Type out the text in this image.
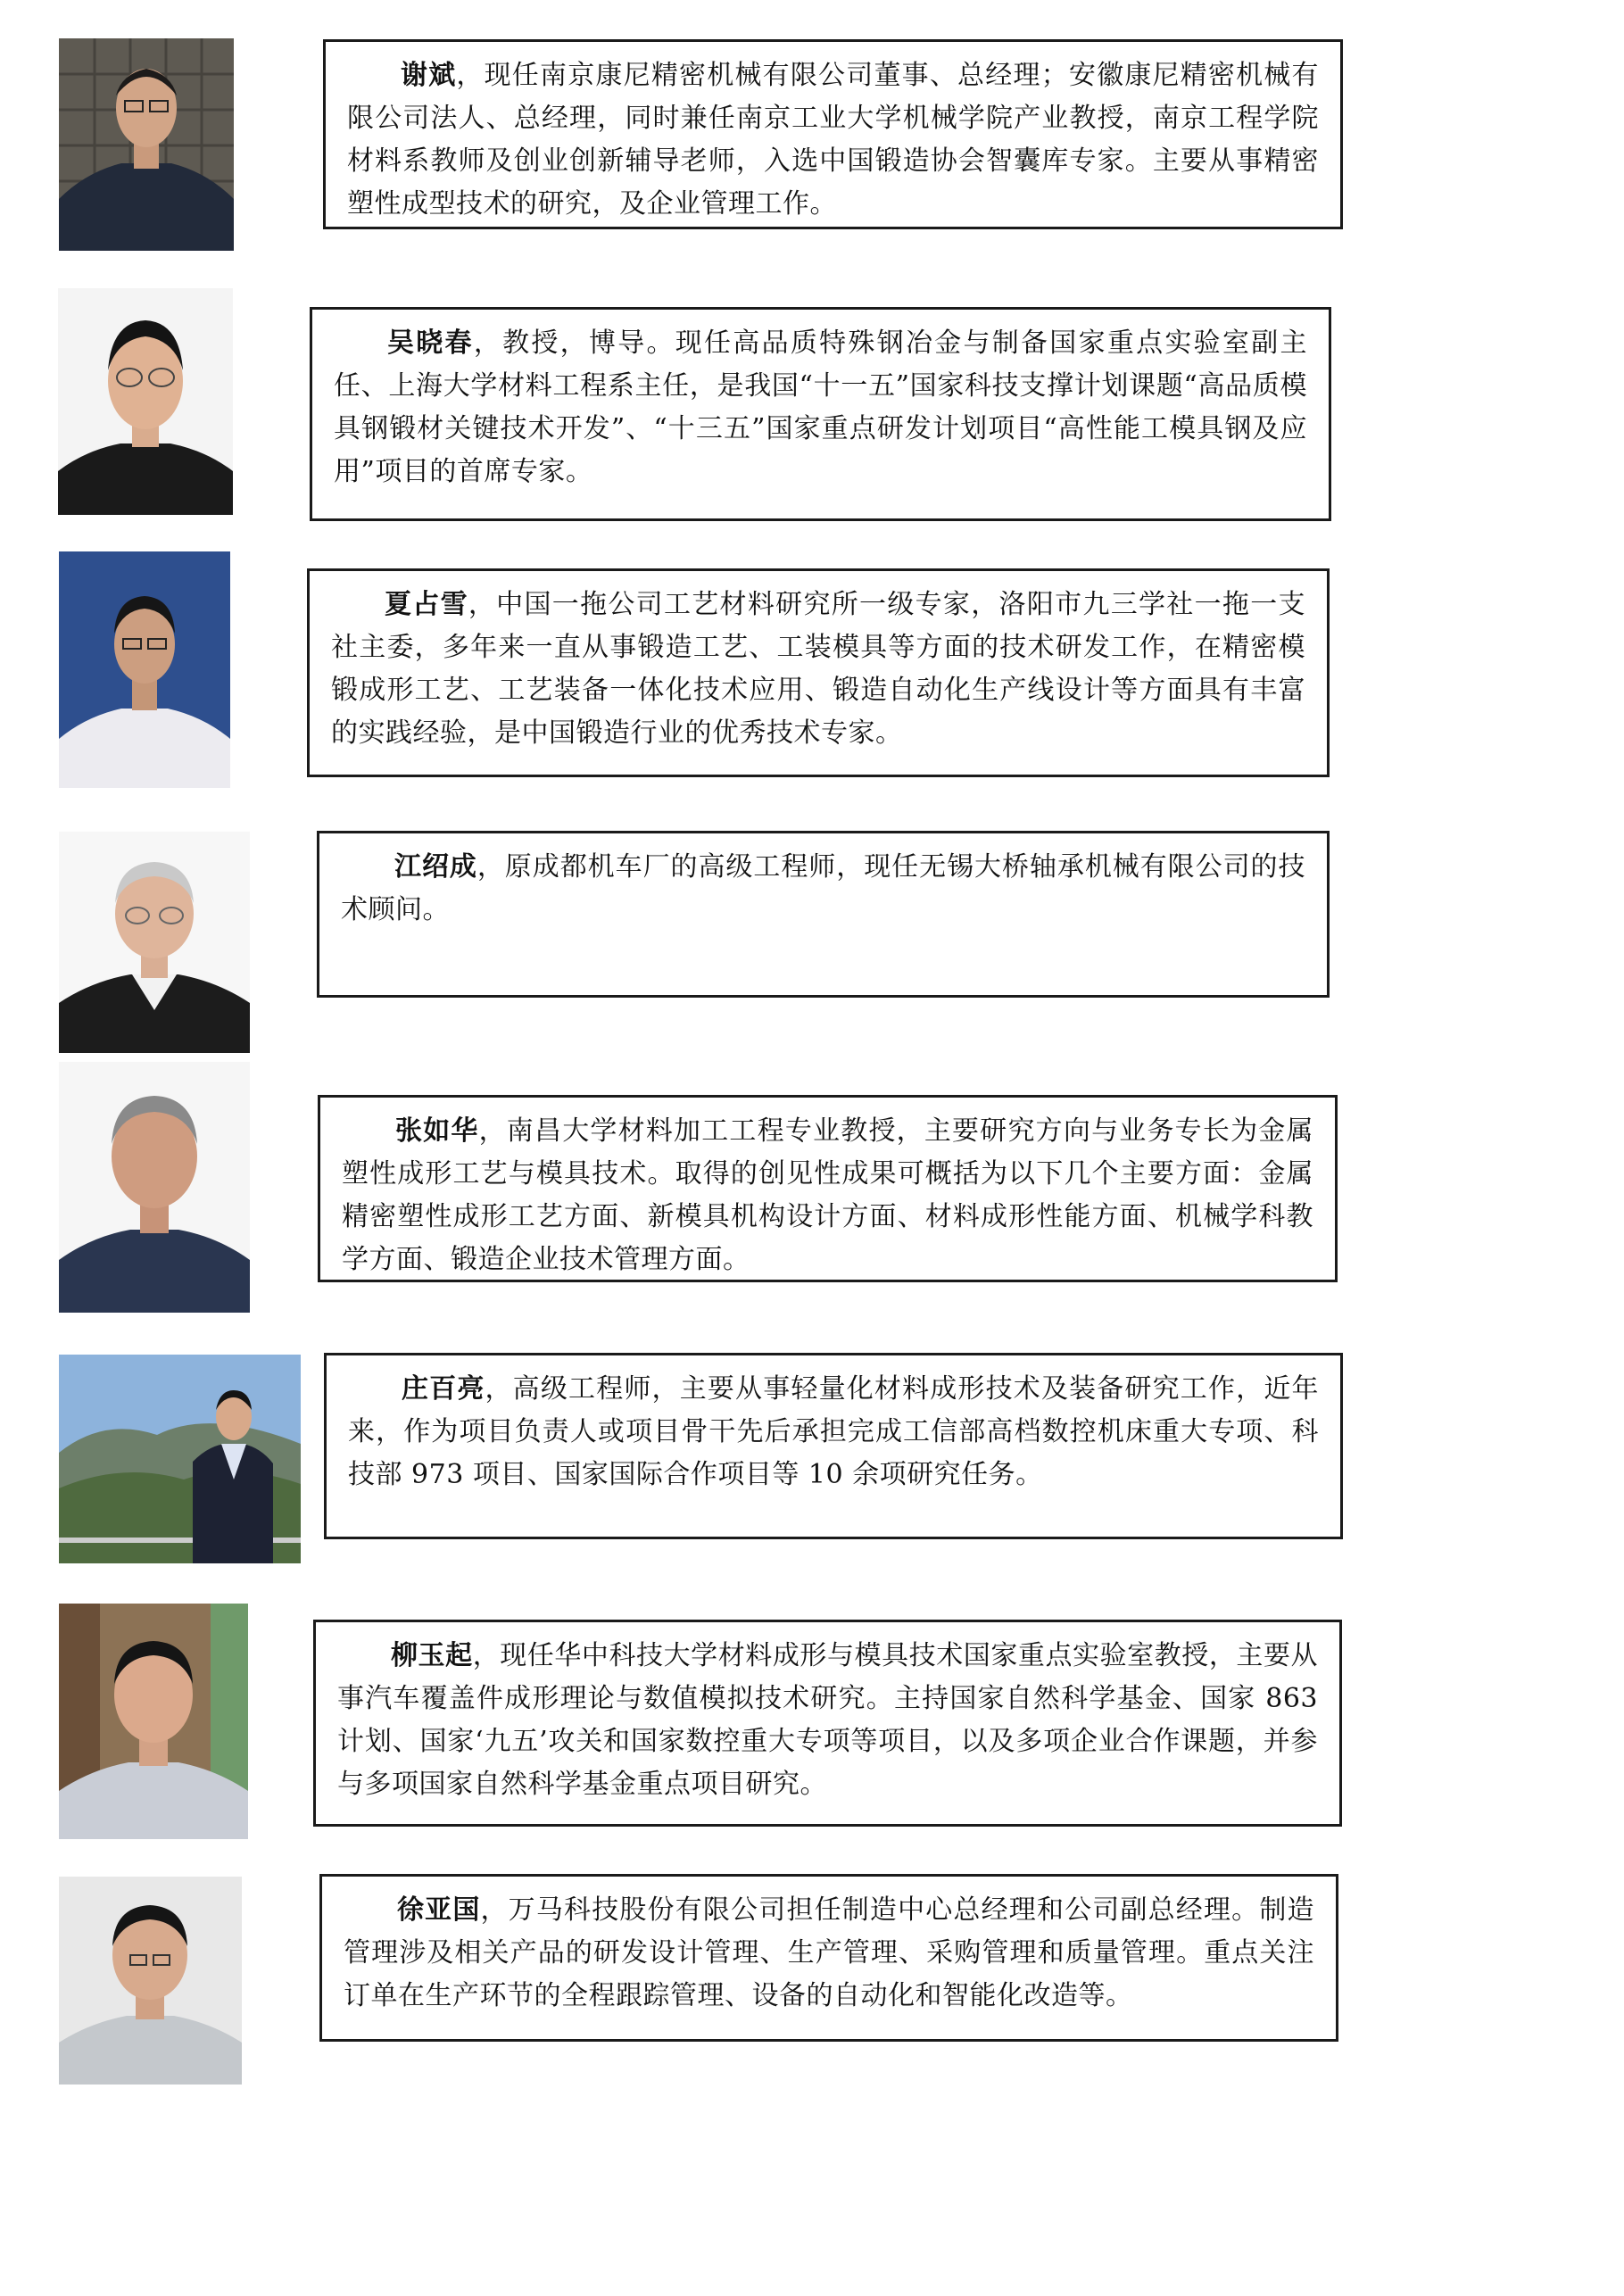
谢斌，现任南京康尼精密机械有限公司董事、总经理；安徽康尼精密机械有限公司法人、总经理，同时兼任南京工业大学机械学院产业教授，南京工程学院材料系教师及创业创新辅导老师，入选中国锻造协会智囊库专家。主要从事精密塑性成型技术的研究，及企业管理工作。

吴晓春，教授，博导。现任高品质特殊钢冶金与制备国家重点实验室副主任、上海大学材料工程系主任，是我国“十一五”国家科技支撑计划课题“高品质模具钢锻材关键技术开发”、“十三五”国家重点研发计划项目“高性能工模具钢及应用”项目的首席专家。

夏占雪，中国一拖公司工艺材料研究所一级专家，洛阳市九三学社一拖一支社主委，多年来一直从事锻造工艺、工装模具等方面的技术研发工作，在精密模锻成形工艺、工艺装备一体化技术应用、锻造自动化生产线设计等方面具有丰富的实践经验，是中国锻造行业的优秀技术专家。

江绍成，原成都机车厂的高级工程师，现任无锡大桥轴承机械有限公司的技术顾问。

张如华，南昌大学材料加工工程专业教授，主要研究方向与业务专长为金属塑性成形工艺与模具技术。取得的创见性成果可概括为以下几个主要方面：金属精密塑性成形工艺方面、新模具机构设计方面、材料成形性能方面、机械学科教学方面、锻造企业技术管理方面。

庄百亮，高级工程师，主要从事轻量化材料成形技术及装备研究工作，近年来，作为项目负责人或项目骨干先后承担完成工信部高档数控机床重大专项、科技部 973 项目、国家国际合作项目等 10 余项研究任务。

柳玉起，现任华中科技大学材料成形与模具技术国家重点实验室教授，主要从事汽车覆盖件成形理论与数值模拟技术研究。主持国家自然科学基金、国家 863 计划、国家‘九五’攻关和国家数控重大专项等项目，以及多项企业合作课题，并参与多项国家自然科学基金重点项目研究。

徐亚国，万马科技股份有限公司担任制造中心总经理和公司副总经理。制造管理涉及相关产品的研发设计管理、生产管理、采购管理和质量管理。重点关注订单在生产环节的全程跟踪管理、设备的自动化和智能化改造等。
